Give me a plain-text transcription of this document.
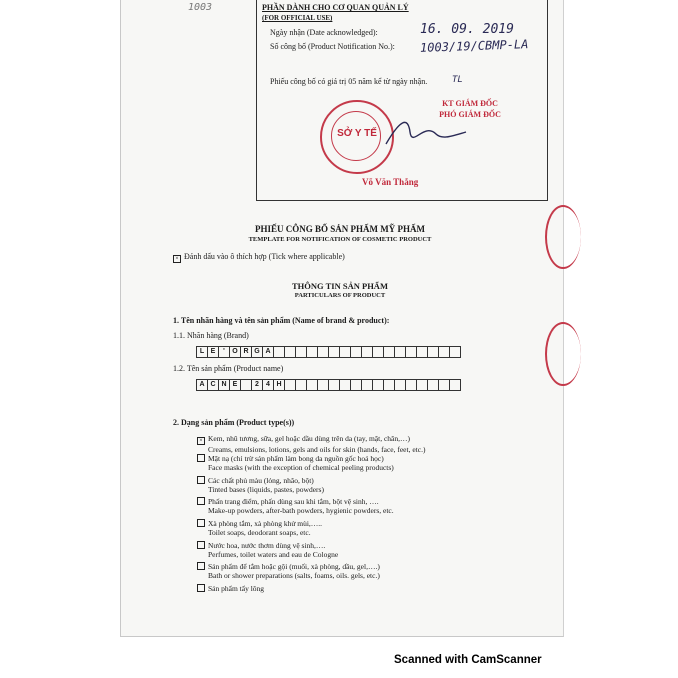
1003	PHẦN DÀNH CHO CƠ QUAN QUẢN LÝ
(FOR OFFICIAL USE)
Ngày nhận (Date acknowledged):	16. 09. 2019
Số công bố (Product Notification No.): 1003/19/CBMP-LA
Phiếu công bố có giá trị 05 năm kể từ ngày nhận.	TL
KT GIÁM ĐỐC
PHÓ GIÁM ĐỐC
SỞ Y TẾ
Võ Văn Thắng
PHIẾU CÔNG BỐ SẢN PHẨM MỸ PHẨM
TEMPLATE FOR NOTIFICATION OF COSMETIC PRODUCT
× Đánh dấu vào ô thích hợp (Tick where applicable)
THÔNG TIN SẢN PHẨM
PARTICULARS OF PRODUCT
1. Tên nhãn hàng và tên sản phẩm (Name of brand & product):
1.1. Nhãn hàng (Brand)
L E	'	O R G A
1.2. Tên sản phẩm (Product name)
A C N E	2	4 H
2. Dạng sản phẩm (Product type(s))
× Kem, nhũ tương, sữa, gel hoặc dầu dùng trên da (tay, mặt, chân,…)
Creams, emulsions, lotions, gels and oils for skin (hands, face, feet, etc.)
Mặt nạ (chỉ trừ sản phẩm làm bong da nguồn gốc hoá học)
Face masks (with the exception of chemical peeling products)
Các chất phủ màu (lỏng, nhão, bột)
Tinted bases (liquids, pastes, powders)
Phấn trang điểm, phấn dùng sau khi tắm, bột vệ sinh, ….
Make-up powders, after-bath powders, hygienic powders, etc.
Xà phòng tắm, xà phòng khử mùi,…..
Toilet soaps, deodorant soaps, etc.
Nước hoa, nước thơm dùng vệ sinh,….
Perfumes, toilet waters and eau de Cologne
Sản phẩm để tắm hoặc gội (muối, xà phòng, dầu, gel,….)
Bath or shower preparations (salts, foams, oils. gels, etc.)
Sản phẩm tẩy lông
Scanned with CamScanner
